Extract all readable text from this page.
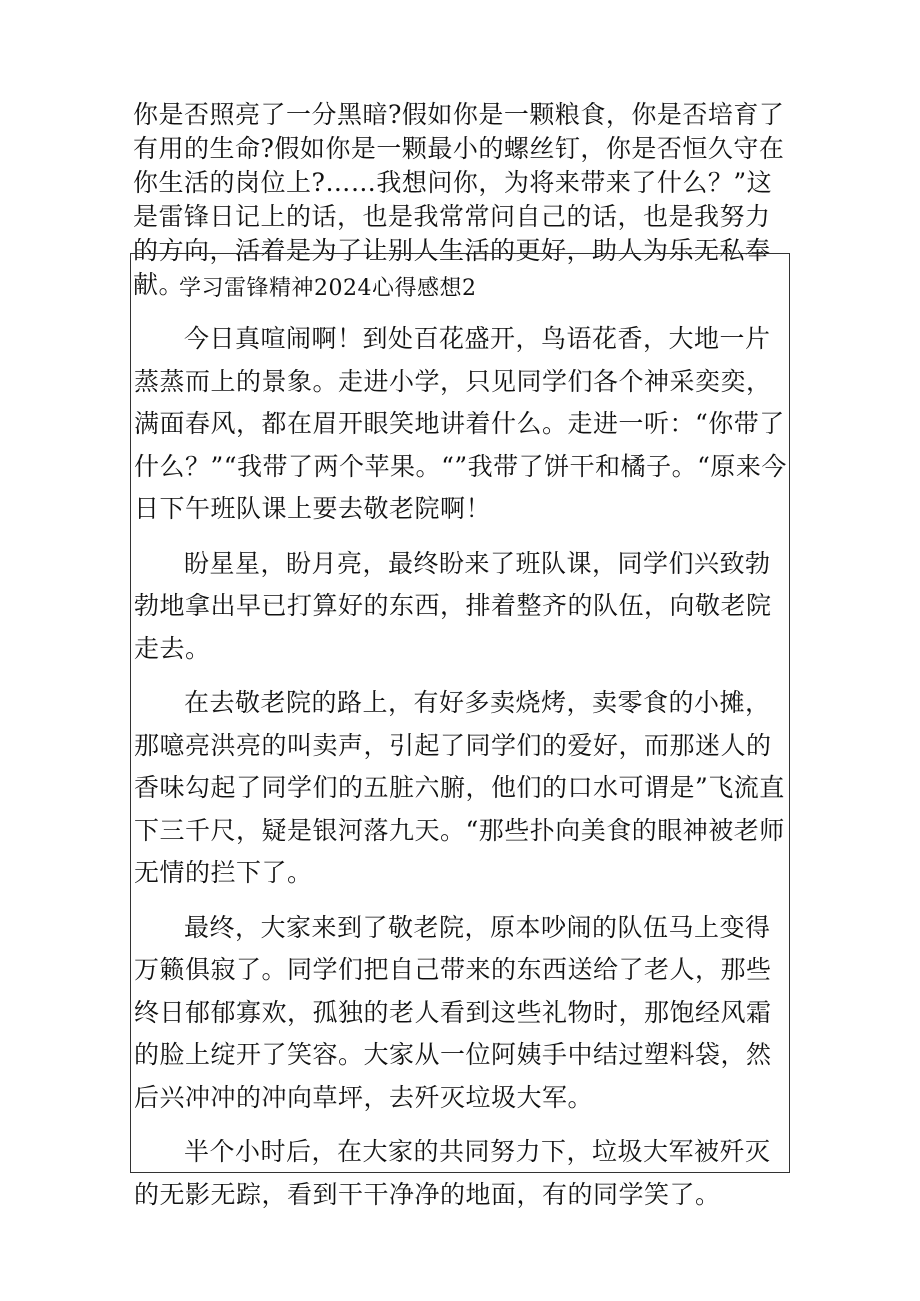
你是否照亮了一分黑暗?假如你是一颗粮食，你是否培育了有用的生命?假如你是一颗最小的螺丝钉，你是否恒久守在你生活的岗位上?……我想问你，为将来带来了什么？”这是雷锋日记上的话，也是我常常问自己的话，也是我努力的方向，活着是为了让别人生活的更好，助人为乐无私奉献。

学习雷锋精神2024心得感想2

今日真喧闹啊！到处百花盛开，鸟语花香，大地一片蒸蒸而上的景象。走进小学，只见同学们各个神采奕奕，满面春风，都在眉开眼笑地讲着什么。走进一听：“你带了什么？”“我带了两个苹果。“”我带了饼干和橘子。“原来今日下午班队课上要去敬老院啊！

盼星星，盼月亮，最终盼来了班队课，同学们兴致勃勃地拿出早已打算好的东西，排着整齐的队伍，向敬老院走去。

在去敬老院的路上，有好多卖烧烤，卖零食的小摊，那噫亮洪亮的叫卖声，引起了同学们的爱好，而那迷人的香味勾起了同学们的五脏六腑，他们的口水可谓是”飞流直下三千尺，疑是银河落九天。“那些扑向美食的眼神被老师无情的拦下了。

最终，大家来到了敬老院，原本吵闹的队伍马上变得万籁俱寂了。同学们把自己带来的东西送给了老人，那些终日郁郁寡欢，孤独的老人看到这些礼物时，那饱经风霜的脸上绽开了笑容。大家从一位阿姨手中结过塑料袋，然后兴冲冲的冲向草坪，去歼灭垃圾大军。

半个小时后，在大家的共同努力下，垃圾大军被歼灭的无影无踪，看到干干净净的地面，有的同学笑了。
